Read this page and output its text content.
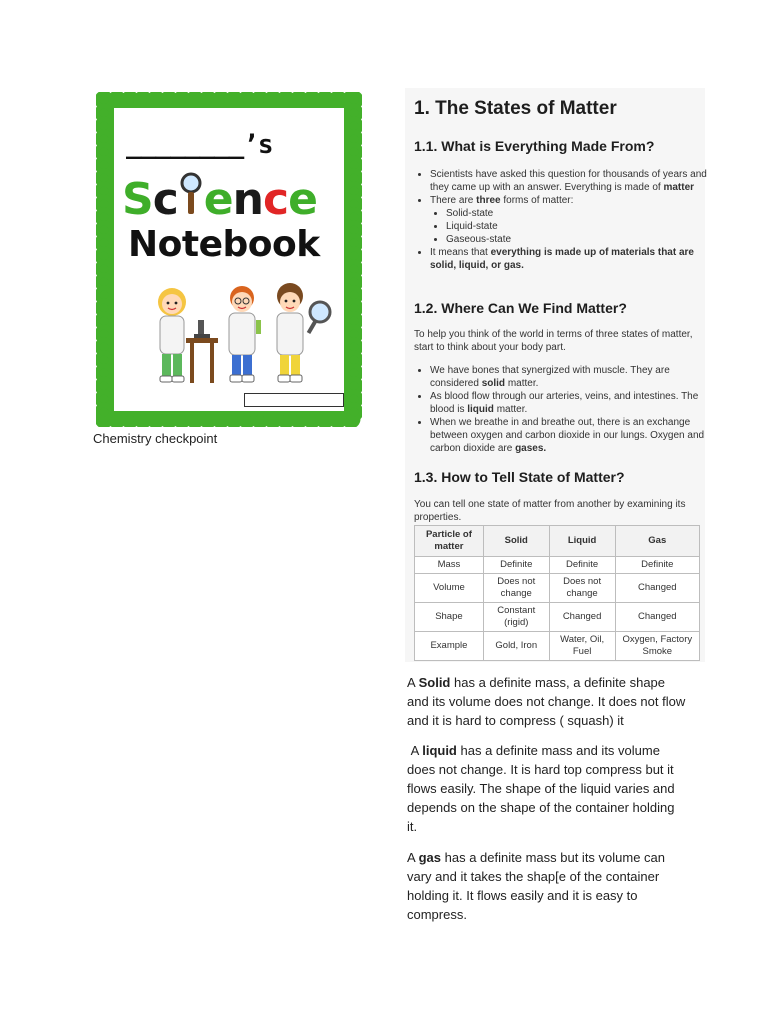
________’s
Sc ence
Notebook
Chemistry checkpoint
1. The States of Matter
1.1. What is Everything Made From?
• Scientists have asked this question for thousands of years and they came up with an answer. Everything is made of matter
• There are three forms of matter:
• Solid-state
• Liquid-state
• Gaseous-state
• It means that everything is made up of materials that are solid, liquid, or gas.
1.2. Where Can We Find Matter?

To help you think of the world in terms of three states of matter, start to think about your body part.

• We have bones that synergized with muscle. They are considered solid matter.
• As blood flow through our arteries, veins, and intestines. The blood is liquid matter.
• When we breathe in and breathe out, there is an exchange between oxygen and carbon dioxide in our lungs. Oxygen and carbon dioxide are gases.
1.3. How to Tell State of Matter?

You can tell one state of matter from another by examining its properties.

Particle of matter	Solid	Liquid	Gas
Mass	Definite	Definite	Definite
Volume	Does not change	Does not change	Changed
Shape	Constant (rigid)	Changed	Changed
Example	Gold, Iron	Water, Oil, Fuel	Oxygen, Factory Smoke

A Solid has a definite mass, a definite shape and its volume does not change. It does not flow and it is hard to compress ( squash) it

A liquid has a definite mass and its volume does not change. It is hard top compress but it flows easily. The shape of the liquid varies and depends on the shape of the container holding it.

A gas has a definite mass but its volume can vary and it takes the shap[e of the container holding it. It flows easily and it is easy to compress.
